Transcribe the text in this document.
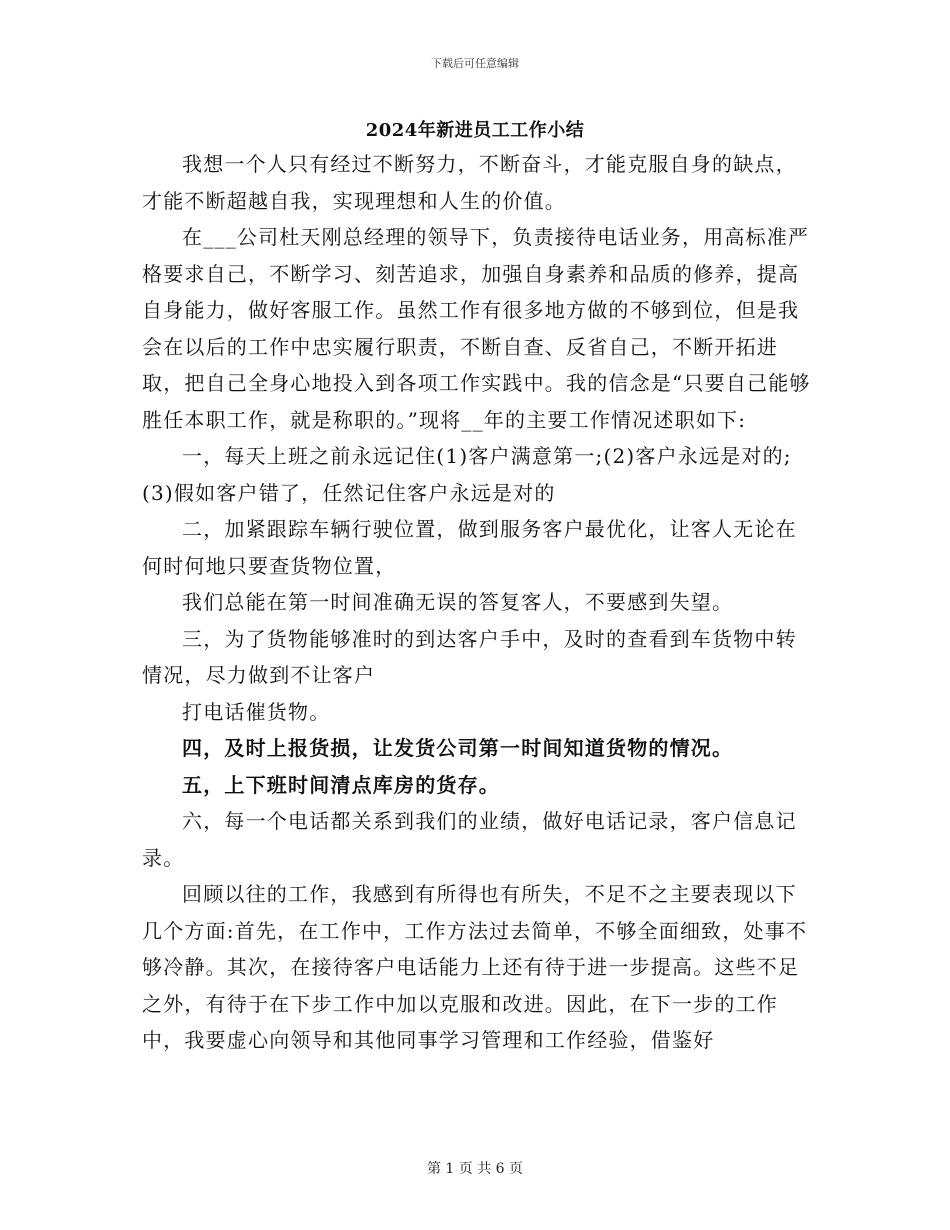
下载后可任意编辑
2024年新进员工工作小结

我想一个人只有经过不断努力，不断奋斗，才能克服自身的缺点，才能不断超越自我，实现理想和人生的价值。

在___公司杜天刚总经理的领导下，负责接待电话业务，用高标准严格要求自己，不断学习、刻苦追求，加强自身素养和品质的修养，提高自身能力，做好客服工作。虽然工作有很多地方做的不够到位，但是我会在以后的工作中忠实履行职责，不断自查、反省自己，不断开拓进取，把自己全身心地投入到各项工作实践中。我的信念是“只要自己能够胜任本职工作，就是称职的。”现将__年的主要工作情况述职如下:

一，每天上班之前永远记住(1)客户满意第一;(2)客户永远是对的;(3)假如客户错了，任然记住客户永远是对的

二，加紧跟踪车辆行驶位置，做到服务客户最优化，让客人无论在何时何地只要查货物位置，

我们总能在第一时间准确无误的答复客人，不要感到失望。

三，为了货物能够准时的到达客户手中，及时的查看到车货物中转情况，尽力做到不让客户

打电话催货物。

四，及时上报货损，让发货公司第一时间知道货物的情况。

五，上下班时间清点库房的货存。

六，每一个电话都关系到我们的业绩，做好电话记录，客户信息记录。

回顾以往的工作，我感到有所得也有所失，不足不之主要表现以下几个方面:首先，在工作中，工作方法过去简单，不够全面细致，处事不够冷静。其次，在接待客户电话能力上还有待于进一步提高。这些不足之外，有待于在下步工作中加以克服和改进。因此，在下一步的工作中，我要虚心向领导和其他同事学习管理和工作经验，借鉴好

第 1 页 共 6 页
